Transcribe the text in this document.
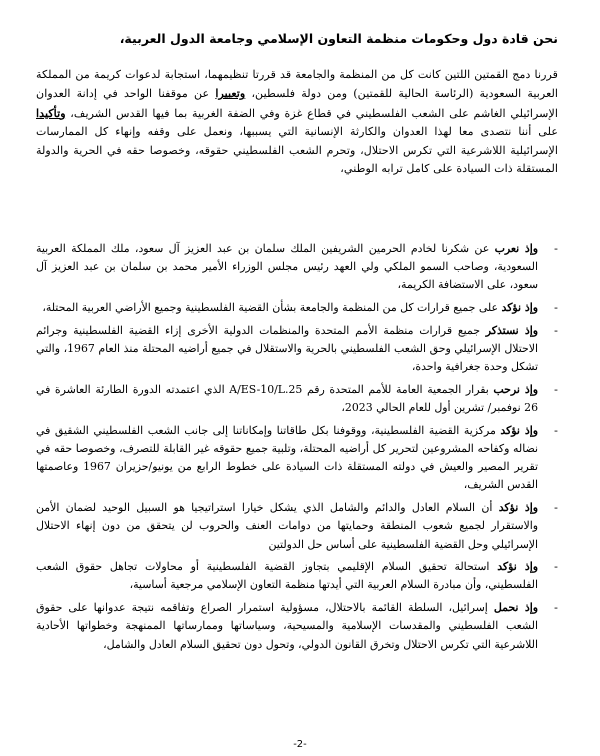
نحن قادة دول وحكومات منظمة التعاون الإسلامي وجامعة الدول العربية،
قررنا دمج القمتين اللتين كانت كل من المنظمة والجامعة قد قررتا تنظيمهما، استجابة لدعوات كريمة من المملكة العربية السعودية (الرئاسة الحالية للقمتين) ومن دولة فلسطين، وتعبيرا عن موقفنا الواحد في إدانة العدوان الإسرائيلي الغاشم على الشعب الفلسطيني في قطاع غزة وفي الضفة الغربية بما فيها القدس الشريف، وتأكيدا على أننا نتصدى معا لهذا العدوان والكارثة الإنسانية التي يسببها، ونعمل على وقفه وإنهاء كل الممارسات الإسرائيلية اللاشرعية التي تكرس الاحتلال، وتحرم الشعب الفلسطيني حقوقه، وخصوصا حقه في الحرية والدولة المستقلة ذات السيادة على كامل ترابه الوطني،
-
وإذ نعرب عن شكرنا لخادم الحرمين الشريفين الملك سلمان بن عبد العزيز آل سعود، ملك المملكة العربية السعودية، وصاحب السمو الملكي ولي العهد رئيس مجلس الوزراء الأمير محمد بن سلمان بن عبد العزيز آل سعود، على الاستضافة الكريمة،
-
وإذ نؤكد على جميع قرارات كل من المنظمة والجامعة بشأن القضية الفلسطينية وجميع الأراضي العربية المحتلة،
-
وإذ نستذكر جميع قرارات منظمة الأمم المتحدة والمنظمات الدولية الأخرى إزاء القضية الفلسطينية وجرائم الاحتلال الإسرائيلي وحق الشعب الفلسطيني بالحرية والاستقلال في جميع أراضيه المحتلة منذ العام 1967، والتي تشكل وحدة جغرافية واحدة،
-
وإذ نرحب بقرار الجمعية العامة للأمم المتحدة رقم A/ES-10/L.25 الذي اعتمدته الدورة الطارئة العاشرة في 26 نوفمبر/ تشرين أول للعام الحالي 2023،
-
وإذ نؤكد مركزية القضية الفلسطينية، ووقوفنا بكل طاقاتنا وإمكاناتنا إلى جانب الشعب الفلسطيني الشقيق في نضاله وكفاحه المشروعين لتحرير كل أراضيه المحتلة، وتلبية جميع حقوقه غير القابلة للتصرف، وخصوصا حقه في تقرير المصير والعيش في دولته المستقلة ذات السيادة على خطوط الرابع من يونيو/حزيران 1967 وعاصمتها القدس الشريف،
-
وإذ نؤكد أن السلام العادل والدائم والشامل الذي يشكل خيارا استراتيجيا هو السبيل الوحيد لضمان الأمن والاستقرار لجميع شعوب المنطقة وحمايتها من دوامات العنف والحروب لن يتحقق من دون إنهاء الاحتلال الإسرائيلي وحل القضية الفلسطينية على أساس حل الدولتين
-
وإذ نؤكد استحالة تحقيق السلام الإقليمي بتجاوز القضية الفلسطينية أو محاولات تجاهل حقوق الشعب الفلسطيني، وأن مبادرة السلام العربية التي أيدتها منظمة التعاون الإسلامي مرجعية أساسية،
-
وإذ نحمل إسرائيل، السلطة القائمة بالاحتلال، مسؤولية استمرار الصراع وتفاقمه نتيجة عدوانها على حقوق الشعب الفلسطيني والمقدسات الإسلامية والمسيحية، وسياساتها وممارساتها الممنهجة وخطواتها الأحادية اللاشرعية التي تكرس الاحتلال وتخرق القانون الدولي، وتحول دون تحقيق السلام العادل والشامل،
-2-
